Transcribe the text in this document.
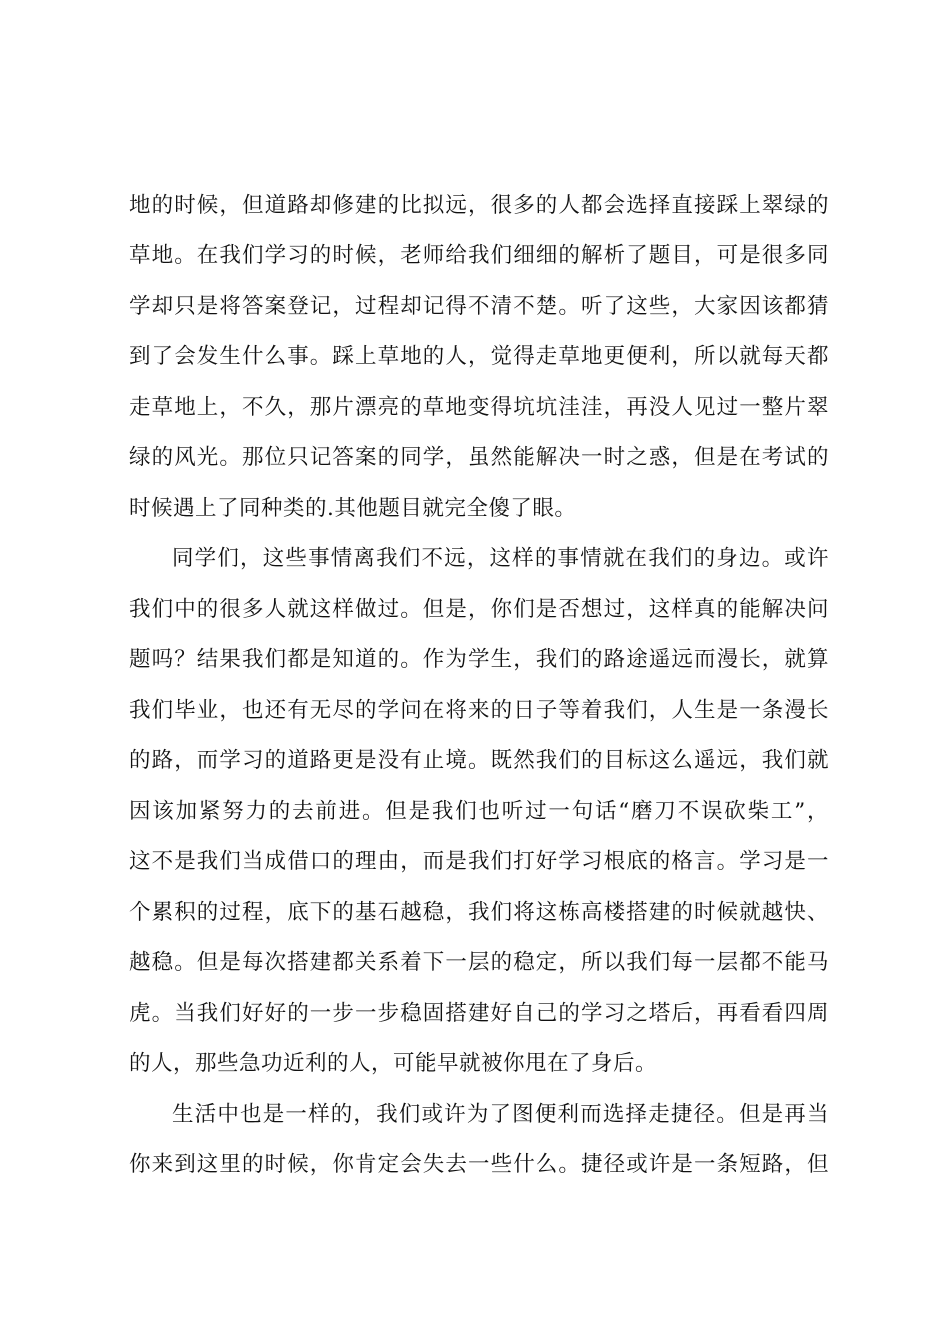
地的时候，但道路却修建的比拟远，很多的人都会选择直接踩上翠绿的
草地。在我们学习的时候，老师给我们细细的解析了题目，可是很多同
学却只是将答案登记，过程却记得不清不楚。听了这些，大家因该都猜
到了会发生什么事。踩上草地的人，觉得走草地更便利，所以就每天都
走草地上，不久，那片漂亮的草地变得坑坑洼洼，再没人见过一整片翠
绿的风光。那位只记答案的同学，虽然能解决一时之惑，但是在考试的
时候遇上了同种类的.其他题目就完全傻了眼。
同学们，这些事情离我们不远，这样的事情就在我们的身边。或许
我们中的很多人就这样做过。但是，你们是否想过，这样真的能解决问
题吗？结果我们都是知道的。作为学生，我们的路途遥远而漫长，就算
我们毕业，也还有无尽的学问在将来的日子等着我们，人生是一条漫长
的路，而学习的道路更是没有止境。既然我们的目标这么遥远，我们就
因该加紧努力的去前进。但是我们也听过一句话“磨刀不误砍柴工”，
这不是我们当成借口的理由，而是我们打好学习根底的格言。学习是一
个累积的过程，底下的基石越稳，我们将这栋高楼搭建的时候就越快、
越稳。但是每次搭建都关系着下一层的稳定，所以我们每一层都不能马
虎。当我们好好的一步一步稳固搭建好自己的学习之塔后，再看看四周
的人，那些急功近利的人，可能早就被你甩在了身后。
生活中也是一样的，我们或许为了图便利而选择走捷径。但是再当
你来到这里的时候，你肯定会失去一些什么。捷径或许是一条短路，但
